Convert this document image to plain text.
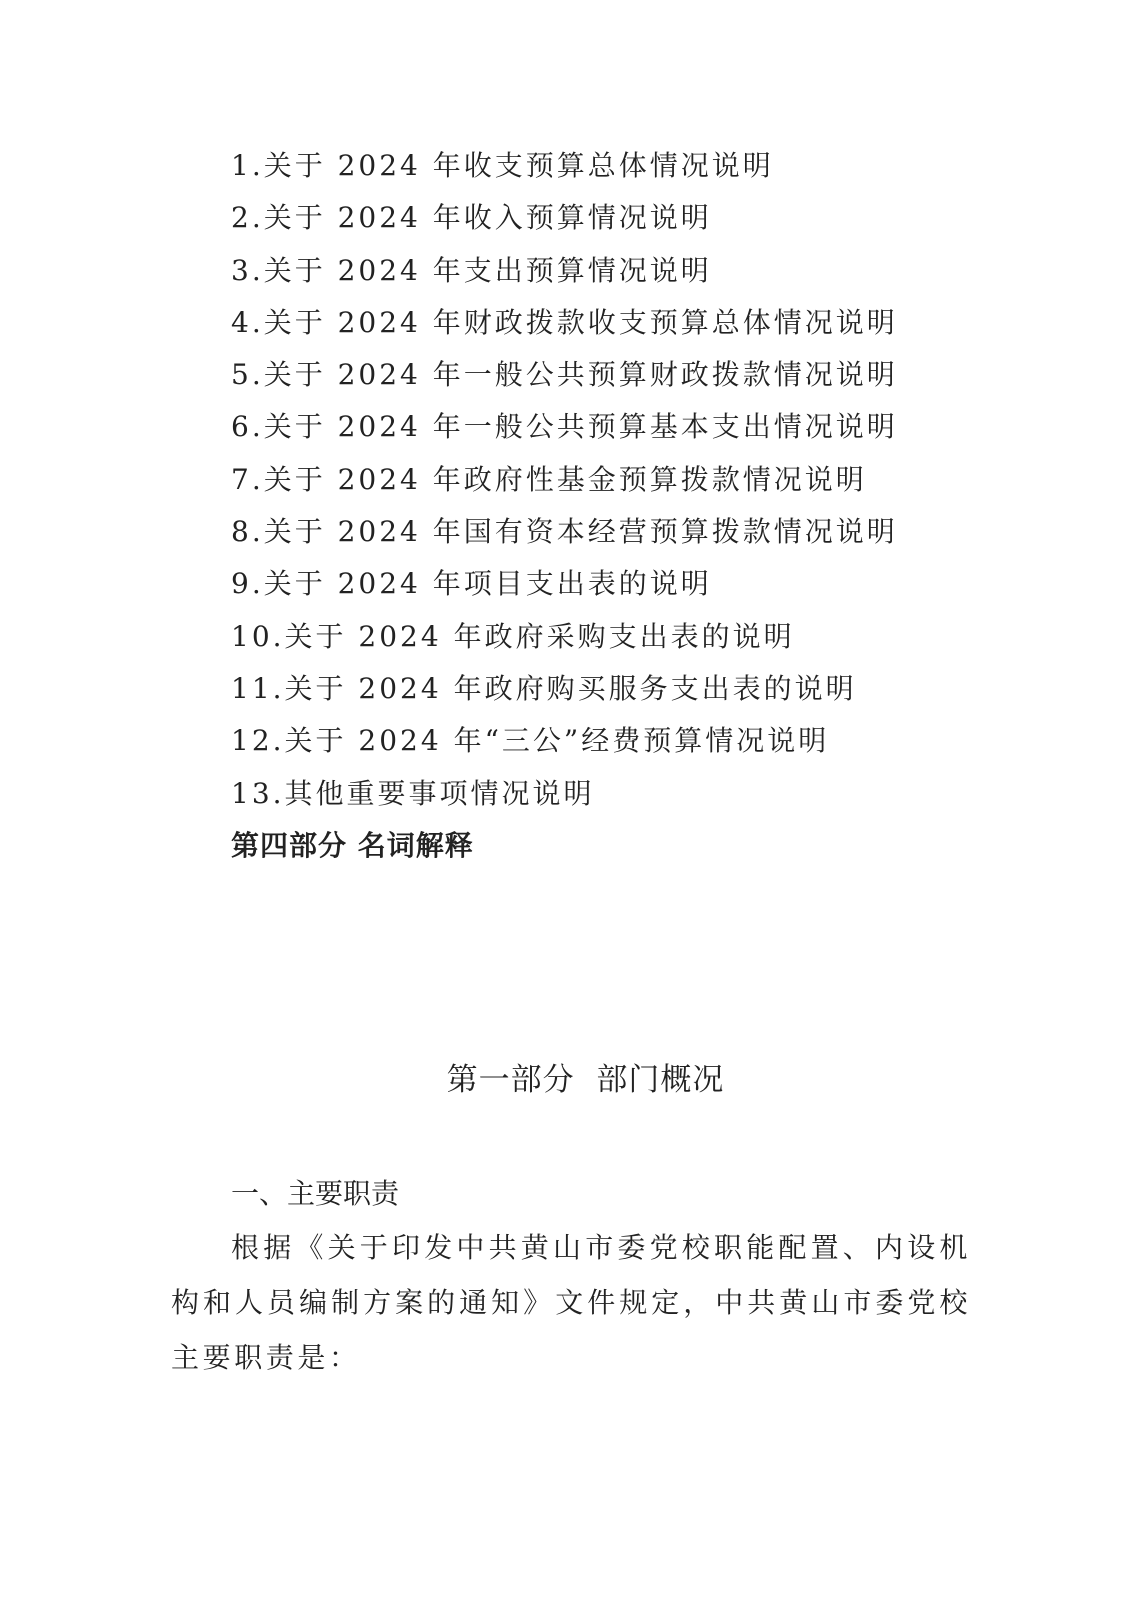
1.关于 2024 年收支预算总体情况说明
2.关于 2024 年收入预算情况说明
3.关于 2024 年支出预算情况说明
4.关于 2024 年财政拨款收支预算总体情况说明
5.关于 2024 年一般公共预算财政拨款情况说明
6.关于 2024 年一般公共预算基本支出情况说明
7.关于 2024 年政府性基金预算拨款情况说明
8.关于 2024 年国有资本经营预算拨款情况说明
9.关于 2024 年项目支出表的说明
10.关于 2024 年政府采购支出表的说明
11.关于 2024 年政府购买服务支出表的说明
12.关于 2024 年“三公”经费预算情况说明
13.其他重要事项情况说明
第四部分 名词解释
第一部分  部门概况
一、主要职责

根据《关于印发中共黄山市委党校职能配置、内设机构和人员编制方案的通知》文件规定，中共黄山市委党校主要职责是：
